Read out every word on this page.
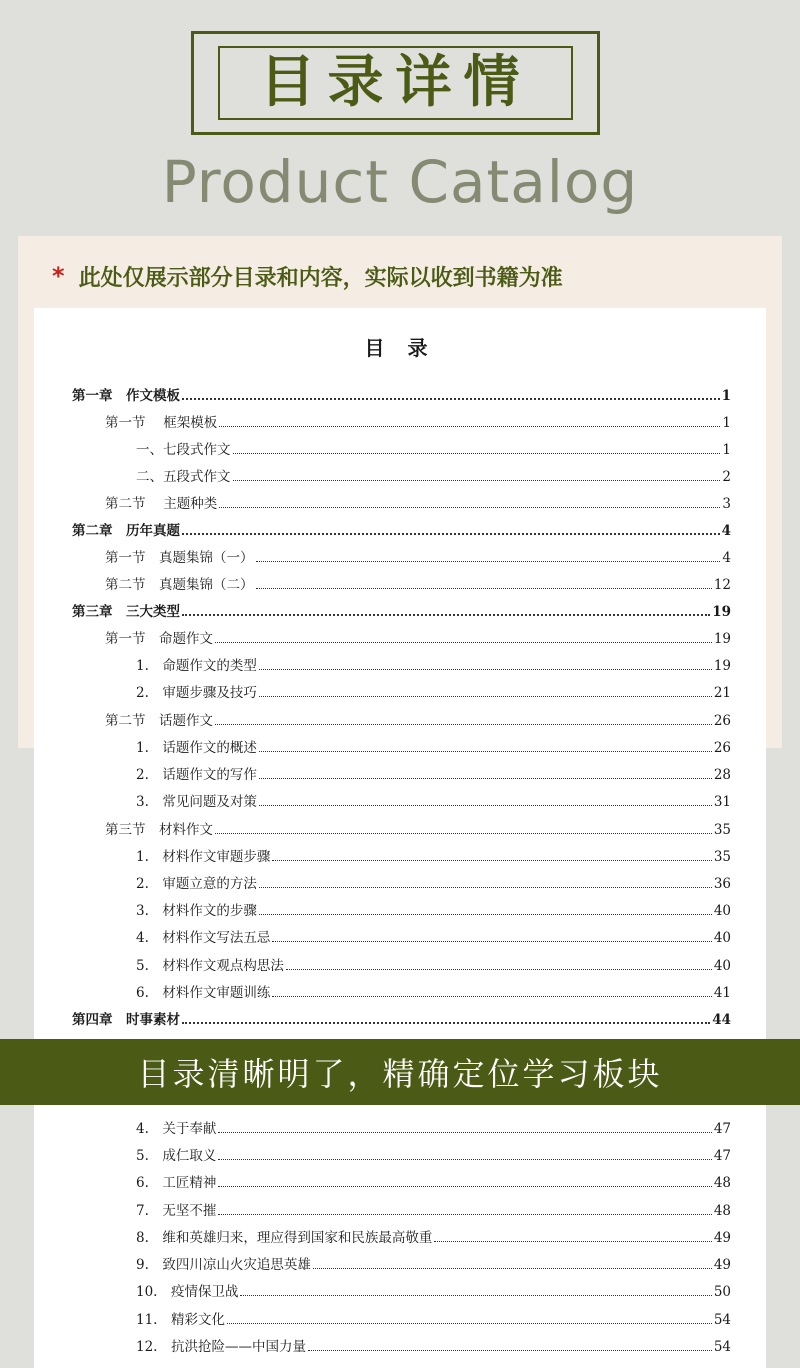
目录详情
Product Catalog
* 此处仅展示部分目录和内容，实际以收到书籍为准
目 录
第一章　作文模板	1
第一节　 框架模板	1
一、七段式作文	1
二、五段式作文	2
第二节　 主题种类	3
第二章　历年真题	4
第一节　真题集锦（一）	4
第二节　真题集锦（二）	12
第三章　三大类型	19
第一节　命题作文	19
1.　命题作文的类型	19
2.　审题步骤及技巧	21
第二节　话题作文	26
1.　话题作文的概述	26
2.　话题作文的写作	28
3.　常见问题及对策	31
第三节　材料作文	35
1.　材料作文审题步骤	35
2.　审题立意的方法	36
3.　材料作文的步骤	40
4.　材料作文写法五忌	40
5.　材料作文观点构思法	40
6.　材料作文审题训练	41
第四章　时事素材	44
4.　关于奉献	47
5.　成仁取义	47
6.　工匠精神	48
7.　无坚不摧	48
8.　维和英雄归来，理应得到国家和民族最高敬重	49
9.　致四川凉山火灾追思英雄	49
10.　疫情保卫战	50
11.　精彩文化	54
12.　抗洪抢险——中国力量	54
目录清晰明了，精确定位学习板块
